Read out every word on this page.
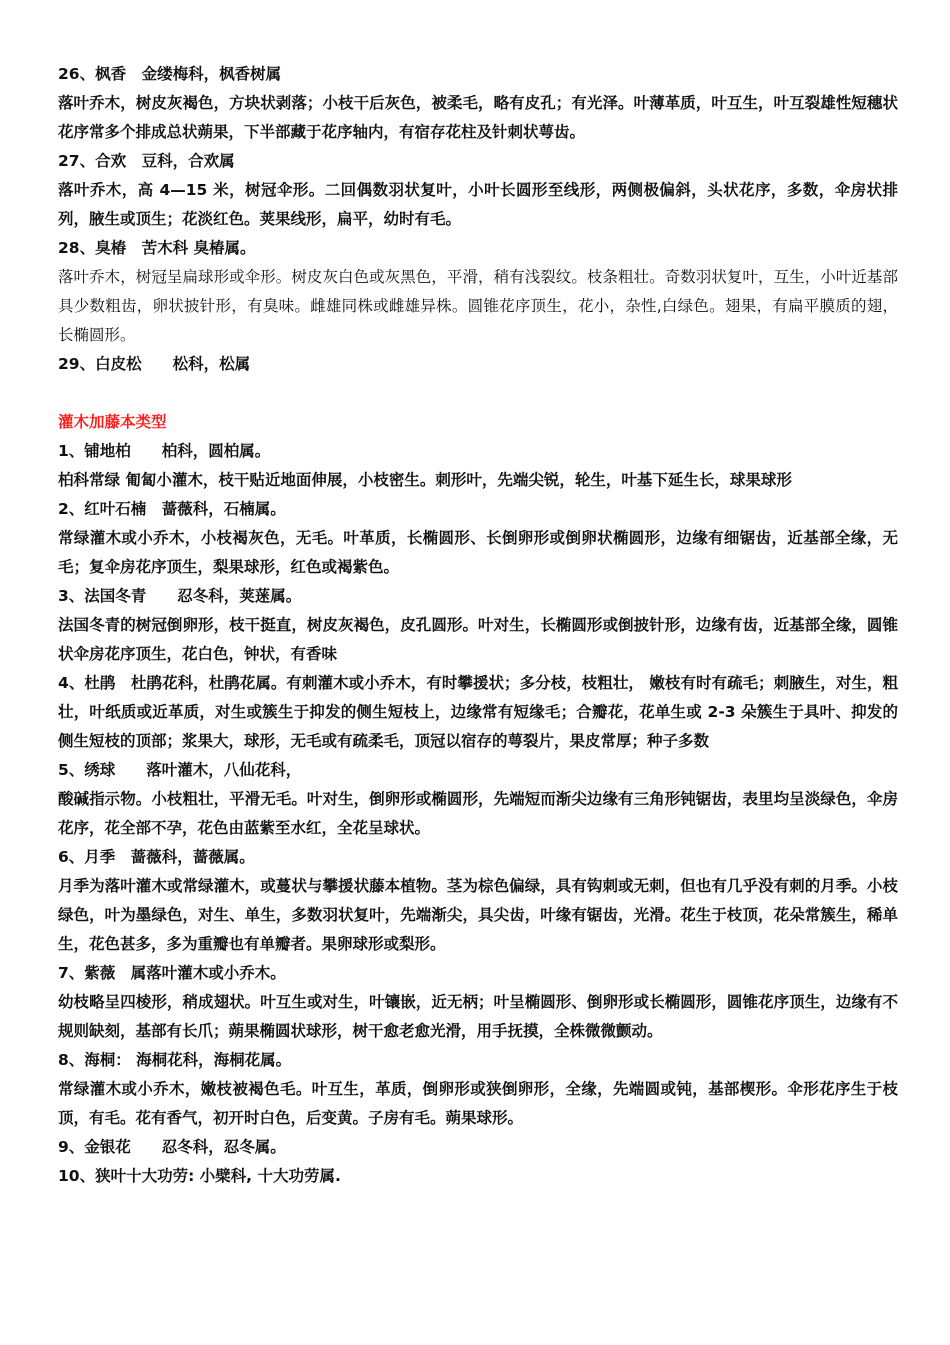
26、枫香　金缕梅科，枫香树属

落叶乔木，树皮灰褐色，方块状剥落；小枝干后灰色，被柔毛，略有皮孔；有光泽。叶薄革质，叶互生，叶互裂雄性短穗状花序常多个排成总状蒴果，下半部藏于花序轴内，有宿存花柱及针刺状萼齿。

27、合欢　豆科，合欢属

落叶乔木，高 4—15 米，树冠伞形。二回偶数羽状复叶，小叶长圆形至线形，两侧极偏斜，头状花序，多数，伞房状排列，腋生或顶生；花淡红色。荚果线形，扁平，幼时有毛。

28、臭椿　苦木科 臭椿属。

落叶乔木，树冠呈扁球形或伞形。树皮灰白色或灰黑色，平滑，稍有浅裂纹。枝条粗壮。奇数羽状复叶，互生，小叶近基部具少数粗齿，卵状披针形，有臭味。雌雄同株或雌雄异株。圆锥花序顶生，花小，杂性,白绿色。翅果，有扁平膜质的翅，长椭圆形。

29、白皮松　　松科，松属

灌木加藤本类型

1、铺地柏　　柏科，圆柏属。

柏科常绿 匍匐小灌木，枝干贴近地面伸展，小枝密生。刺形叶，先端尖锐，轮生，叶基下延生长，球果球形

2、红叶石楠　蔷薇科，石楠属。

常绿灌木或小乔木，小枝褐灰色，无毛。叶革质，长椭圆形、长倒卵形或倒卵状椭圆形，边缘有细锯齿，近基部全缘，无毛；复伞房花序顶生，梨果球形，红色或褐紫色。

3、法国冬青　　忍冬科，荚蒾属。

法国冬青的树冠倒卵形，枝干挺直，树皮灰褐色，皮孔圆形。叶对生，长椭圆形或倒披针形，边缘有齿，近基部全缘，圆锥状伞房花序顶生，花白色，钟状，有香味

4、杜鹃　杜鹃花科，杜鹃花属。有刺灌木或小乔木，有时攀援状；多分枝，枝粗壮， 嫩枝有时有疏毛；刺腋生，对生，粗壮，叶纸质或近革质，对生或簇生于抑发的侧生短枝上，边缘常有短缘毛；合瓣花，花单生或 2-3 朵簇生于具叶、抑发的侧生短枝的顶部；浆果大，球形，无毛或有疏柔毛，顶冠以宿存的萼裂片，果皮常厚；种子多数

5、绣球　　落叶灌木，八仙花科，

酸碱指示物。小枝粗壮，平滑无毛。叶对生，倒卵形或椭圆形，先端短而渐尖边缘有三角形钝锯齿，表里均呈淡绿色，伞房花序，花全部不孕，花色由蓝紫至水红，全花呈球状。

6、月季　蔷薇科，蔷薇属。

月季为落叶灌木或常绿灌木，或蔓状与攀援状藤本植物。茎为棕色偏绿，具有钩刺或无刺，但也有几乎没有刺的月季。小枝绿色，叶为墨绿色，对生、单生，多数羽状复叶，先端渐尖，具尖齿，叶缘有锯齿，光滑。花生于枝顶，花朵常簇生，稀单生，花色甚多，多为重瓣也有单瓣者。果卵球形或梨形。

7、紫薇　属落叶灌木或小乔木。

幼枝略呈四棱形，稍成翅状。叶互生或对生，叶镶嵌，近无柄；叶呈椭圆形、倒卵形或长椭圆形，圆锥花序顶生，边缘有不规则缺刻，基部有长爪；蒴果椭圆状球形，树干愈老愈光滑，用手抚摸，全株微微颤动。

8、海桐： 海桐花科，海桐花属。

常绿灌木或小乔木，嫩枝被褐色毛。叶互生，革质，倒卵形或狭倒卵形，全缘，先端圆或钝，基部楔形。伞形花序生于枝顶，有毛。花有香气，初开时白色，后变黄。子房有毛。蒴果球形。

9、金银花　　忍冬科，忍冬属。

10、狭叶十大功劳: 小檗科, 十大功劳属.
